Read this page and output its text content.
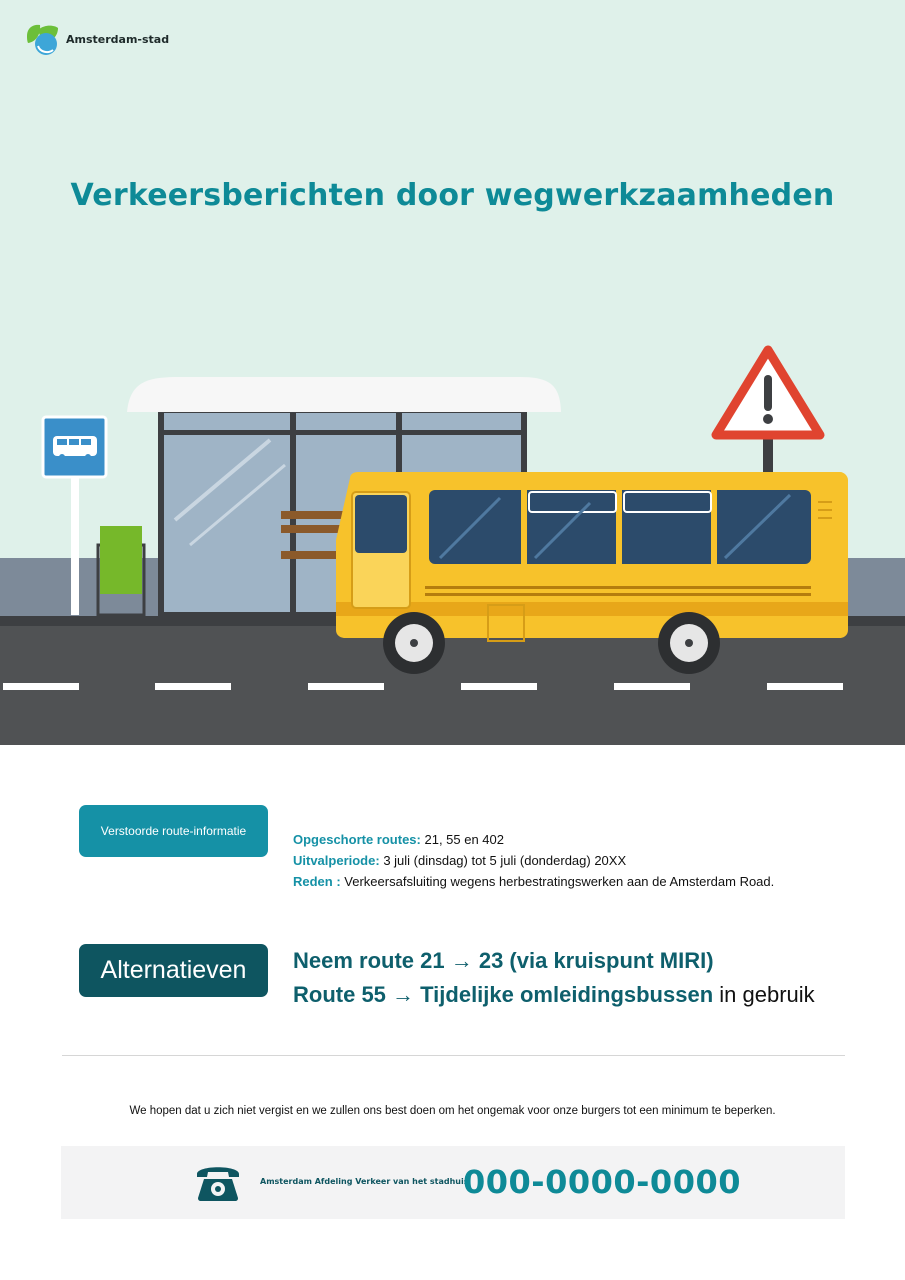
Amsterdam-stad
Verkeersberichten door wegwerkzaamheden
Verstoorde route-informatie
Opgeschorte routes: 21, 55 en 402
Uitvalperiode: 3 juli (dinsdag) tot 5 juli (donderdag) 20XX
Reden : Verkeersafsluiting wegens herbestratingswerken aan de Amsterdam Road.
Alternatieven	Neem route 21 → 23 (via kruispunt MIRI)
Route 55 → Tijdelijke omleidingsbussen in gebruik
We hopen dat u zich niet vergist en we zullen ons best doen om het ongemak voor onze burgers tot een minimum te beperken.
Amsterdam Afdeling Verkeer van het stadhuis
000-0000-0000
